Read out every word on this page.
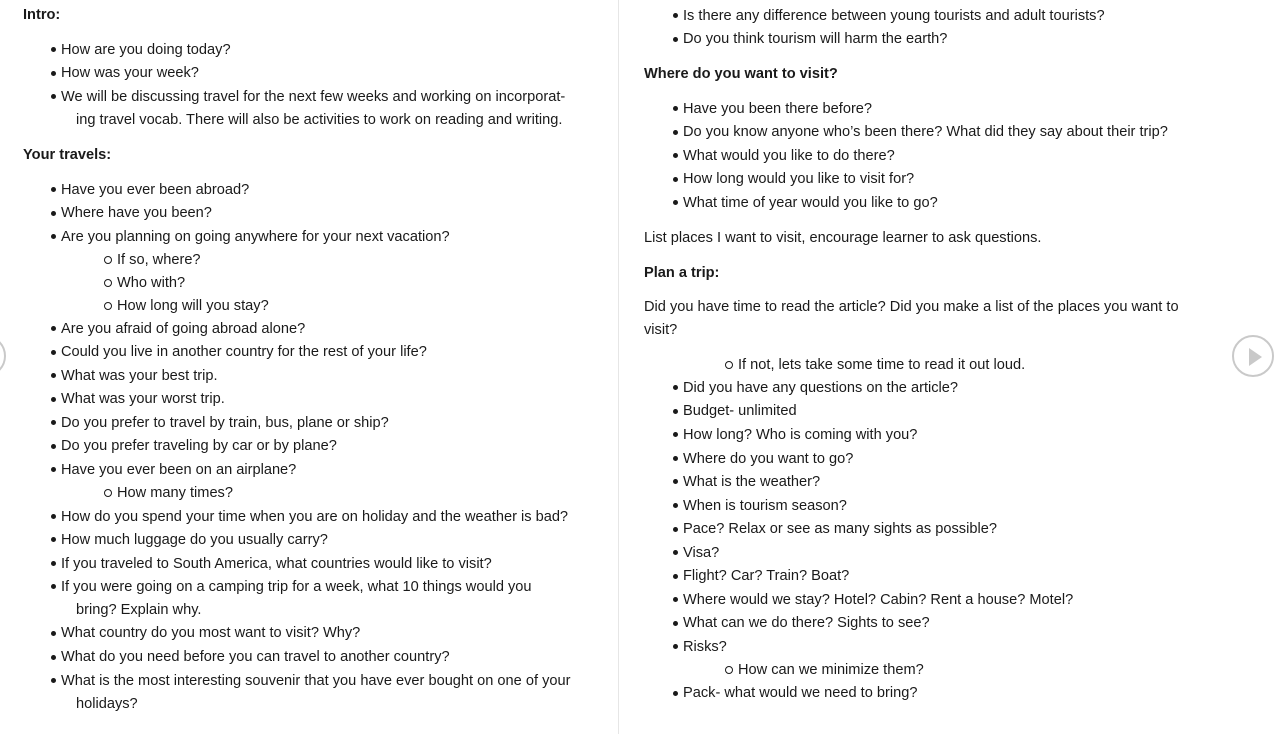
Intro:
How are you doing today?
How was your week?
We will be discussing travel for the next few weeks and working on incorporat-
ing travel vocab. There will also be activities to work on reading and writing.
Your travels:
Have you ever been abroad?
Where have you been?
Are you planning on going anywhere for your next vacation?
If so, where?
Who with?
How long will you stay?
Are you afraid of going abroad alone?
Could you live in another country for the rest of your life?
What was your best trip.
What was your worst trip.
Do you prefer to travel by train, bus, plane or ship?
Do you prefer traveling by car or by plane?
Have you ever been on an airplane?
How many times?
How do you spend your time when you are on holiday and the weather is bad?
How much luggage do you usually carry?
If you traveled to South America, what countries would like to visit?
If you were going on a camping trip for a week, what 10 things would you
bring? Explain why.
What country do you most want to visit? Why?
What do you need before you can travel to another country?
What is the most interesting souvenir that you have ever bought on one of your
holidays?
Is there any difference between young tourists and adult tourists?
Do you think tourism will harm the earth?
Where do you want to visit?
Have you been there before?
Do you know anyone who’s been there? What did they say about their trip?
What would you like to do there?
How long would you like to visit for?
What time of year would you like to go?
List places I want to visit, encourage learner to ask questions.
Plan a trip:
Did you have time to read the article? Did you make a list of the places you want to
visit?
If not, lets take some time to read it out loud.
Did you have any questions on the article?
Budget- unlimited
How long? Who is coming with you?
Where do you want to go?
What is the weather?
When is tourism season?
Pace? Relax or see as many sights as possible?
Visa?
Flight? Car? Train? Boat?
Where would we stay? Hotel? Cabin? Rent a house? Motel?
What can we do there? Sights to see?
Risks?
How can we minimize them?
Pack- what would we need to bring?
